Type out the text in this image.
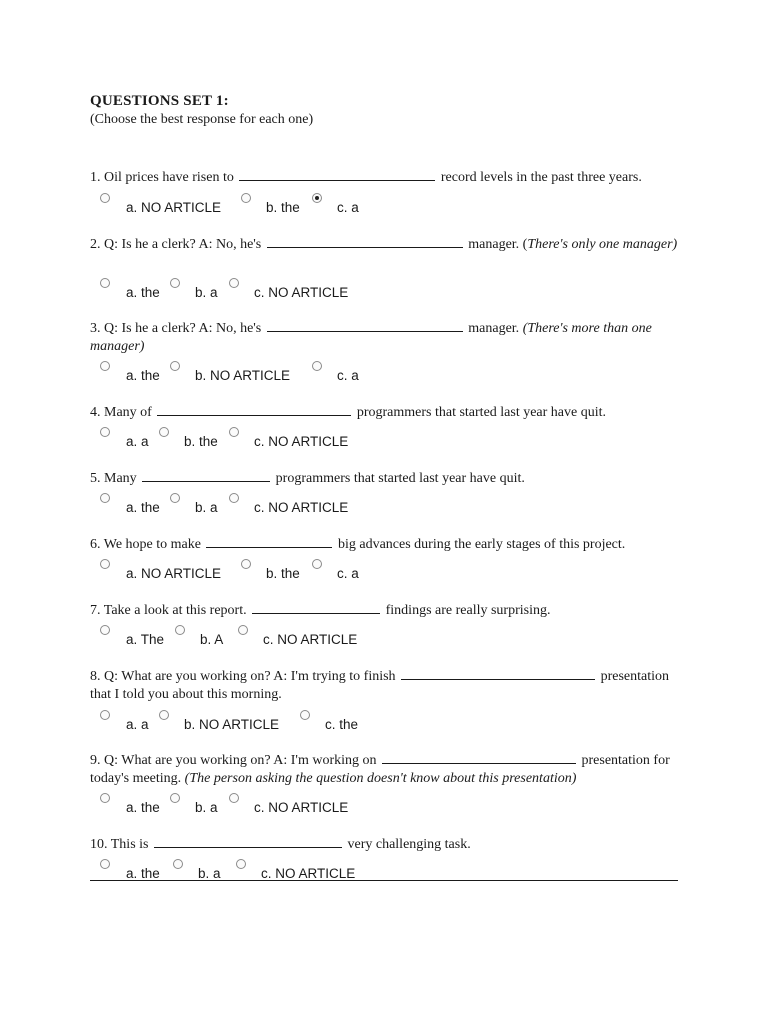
QUESTIONS SET 1:
(Choose the best response for each one)
1. Oil prices have risen to	record levels in the past three years.
a. NO ARTICLE	b. the	c. a
2. Q: Is he a clerk? A: No, he's	manager. (There's only one manager)
a. the	b. a	c. NO ARTICLE
3. Q: Is he a clerk? A: No, he's	manager. (There's more than one manager)
a. the	b. NO ARTICLE	c. a
4. Many of	programmers that started last year have quit.
a. a	b. the	c. NO ARTICLE
5. Many	programmers that started last year have quit.
a. the	b. a	c. NO ARTICLE
6. We hope to make	big advances during the early stages of this project.
a. NO ARTICLE	b. the	c. a
7. Take a look at this report.	findings are really surprising.
a. The	b. A	c. NO ARTICLE
8. Q: What are you working on? A: I'm trying to finish	presentation that I told you about this morning.
a. a	b. NO ARTICLE	c. the
9. Q: What are you working on? A: I'm working on	presentation for today's meeting. (The person asking the question doesn't know about this presentation)
a. the	b. a	c. NO ARTICLE
10. This is	very challenging task.
a. the	b. a	c. NO ARTICLE
